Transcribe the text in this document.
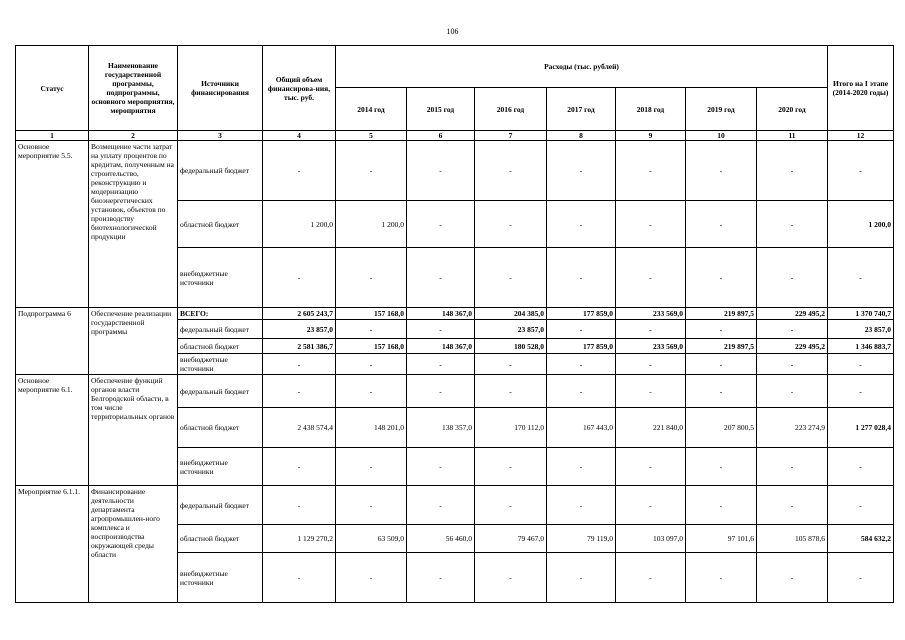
106
Статус	Наименование государственной программы, подпрограммы, основного мероприятия, мероприятия	Источники финансирования	Общий объем финансирова-ния, тыс. руб.	Расходы (тыс. рублей)							Итого на I этапе (2014-2020 годы)
				2014 год	2015 год	2016 год	2017 год	2018 год	2019 год	2020 год	
1	2	3	4	5	6	7	8	9	10	11	12
Основное мероприятие 5.5.	Возмещение части затрат на уплату процентов по кредитам, полученным на строительство, реконструкцию и модернизацию биоэнергетических установок, объектов по производству биотехнологической продукции	федеральный бюджет	-	-	-	-	-	-	-	-	-
		областной бюджет	1 200,0	1 200,0	-	-	-	-	-	-	1 200,0
		внебюджетные источники	-	-	-	-	-	-	-	-	-
Подпрограмма 6	Обеспечение реализации государственной программы	ВСЕГО:	2 605 243,7	157 168,0	148 367,0	204 385,0	177 859,0	233 569,0	219 897,5	229 495,2	1 370 740,7
		федеральный бюджет	23 857,0	-	-	23 857,0	-	-	-	-	23 857,0
		областной бюджет	2 581 386,7	157 168,0	148 367,0	180 528,0	177 859,0	233 569,0	219 897,5	229 495,2	1 346 883,7
		внебюджетные источники	-	-	-	-	-	-	-	-	-
Основное мероприятие 6.1.	Обеспечение функций органов власти Белгородской области, в том числе территориальных органов	федеральный бюджет	-	-	-	-	-	-	-	-	-
		областной бюджет	2 438 574,4	148 201,0	138 357,0	170 112,0	167 443,0	221 840,0	207 800,5	223 274,9	1 277 028,4
		внебюджетные источники	-	-	-	-	-	-	-	-	-
Мероприятие 6.1.1.	Финансирование деятельности департамента агропромышлен-ного комплекса и воспроизводства окружающей среды области	федеральный бюджет	-	-	-	-	-	-	-	-	-
		областной бюджет	1 129 270,2	63 509,0	56 460,0	79 467,0	79 119,0	103 097,0	97 101,6	105 878,6	584 632,2
		внебюджетные источники	-	-	-	-	-	-	-	-	-
